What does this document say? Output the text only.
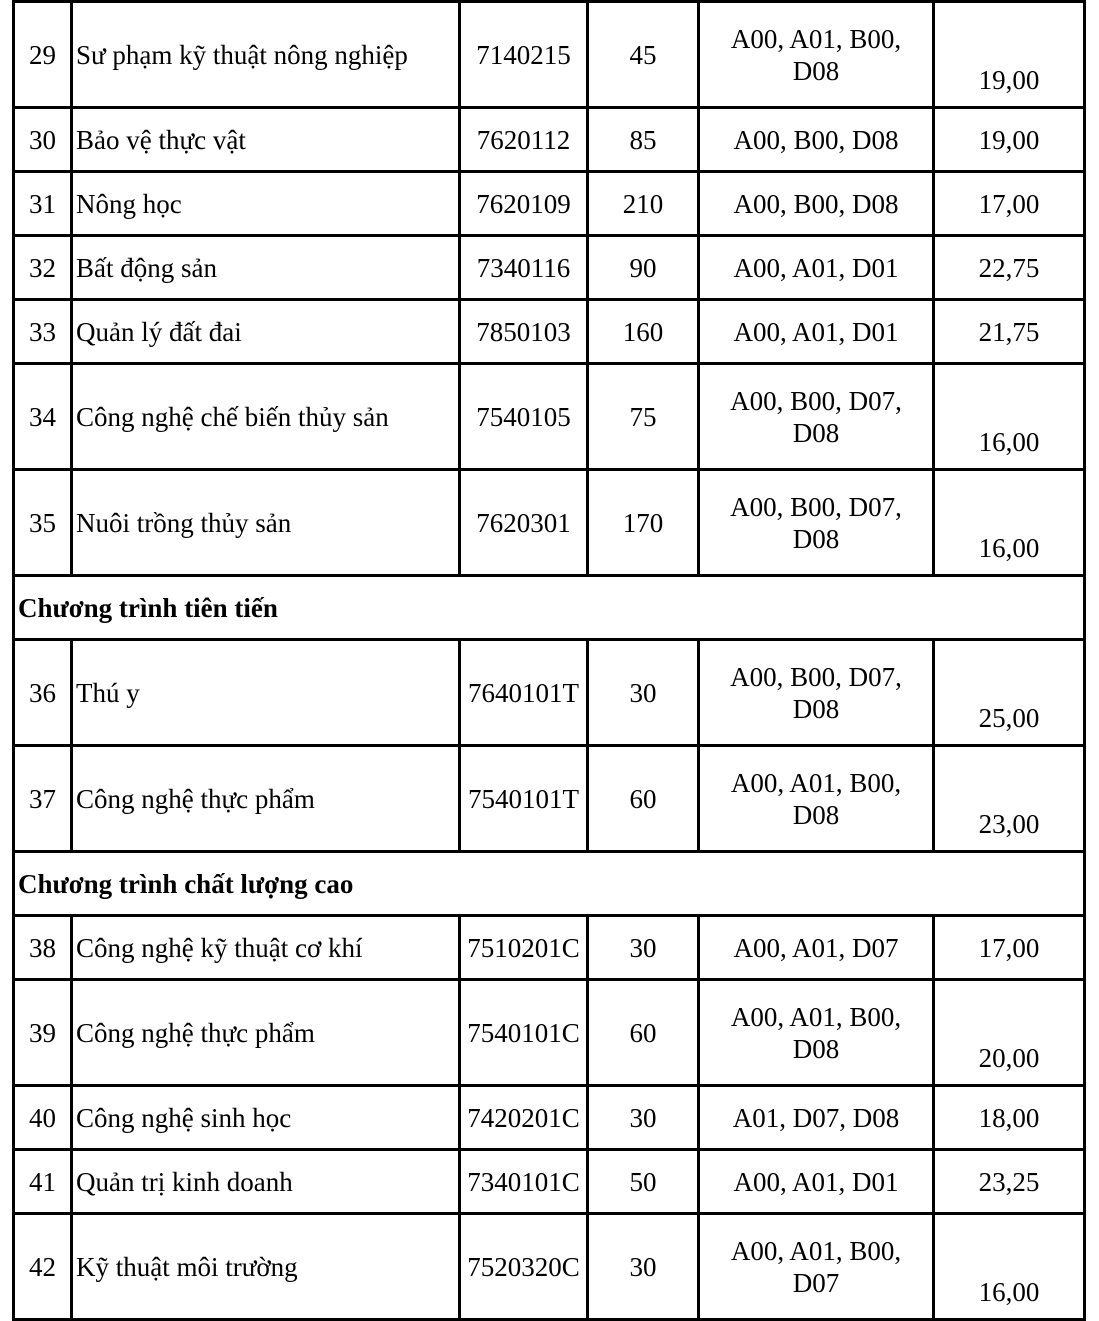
29	Sư phạm kỹ thuật nông nghiệp	7140215	45	A00, A01, B00,
D08	19,00
30	Bảo vệ thực vật	7620112	85	A00, B00, D08	19,00
31	Nông học	7620109	210	A00, B00, D08	17,00
32	Bất động sản	7340116	90	A00, A01, D01	22,75
33	Quản lý đất đai	7850103	160	A00, A01, D01	21,75
34	Công nghệ chế biến thủy sản	7540105	75	A00, B00, D07,
D08	16,00
35	Nuôi trồng thủy sản	7620301	170	A00, B00, D07,
D08	16,00
Chương trình tiên tiến					
36	Thú y	7640101T	30	A00, B00, D07,
D08	25,00
37	Công nghệ thực phẩm	7540101T	60	A00, A01, B00,
D08	23,00
Chương trình chất lượng cao					
38	Công nghệ kỹ thuật cơ khí	7510201C	30	A00, A01, D07	17,00
39	Công nghệ thực phẩm	7540101C	60	A00, A01, B00,
D08	20,00
40	Công nghệ sinh học	7420201C	30	A01, D07, D08	18,00
41	Quản trị kinh doanh	7340101C	50	A00, A01, D01	23,25
42	Kỹ thuật môi trường	7520320C	30	A00, A01, B00,
D07	16,00
